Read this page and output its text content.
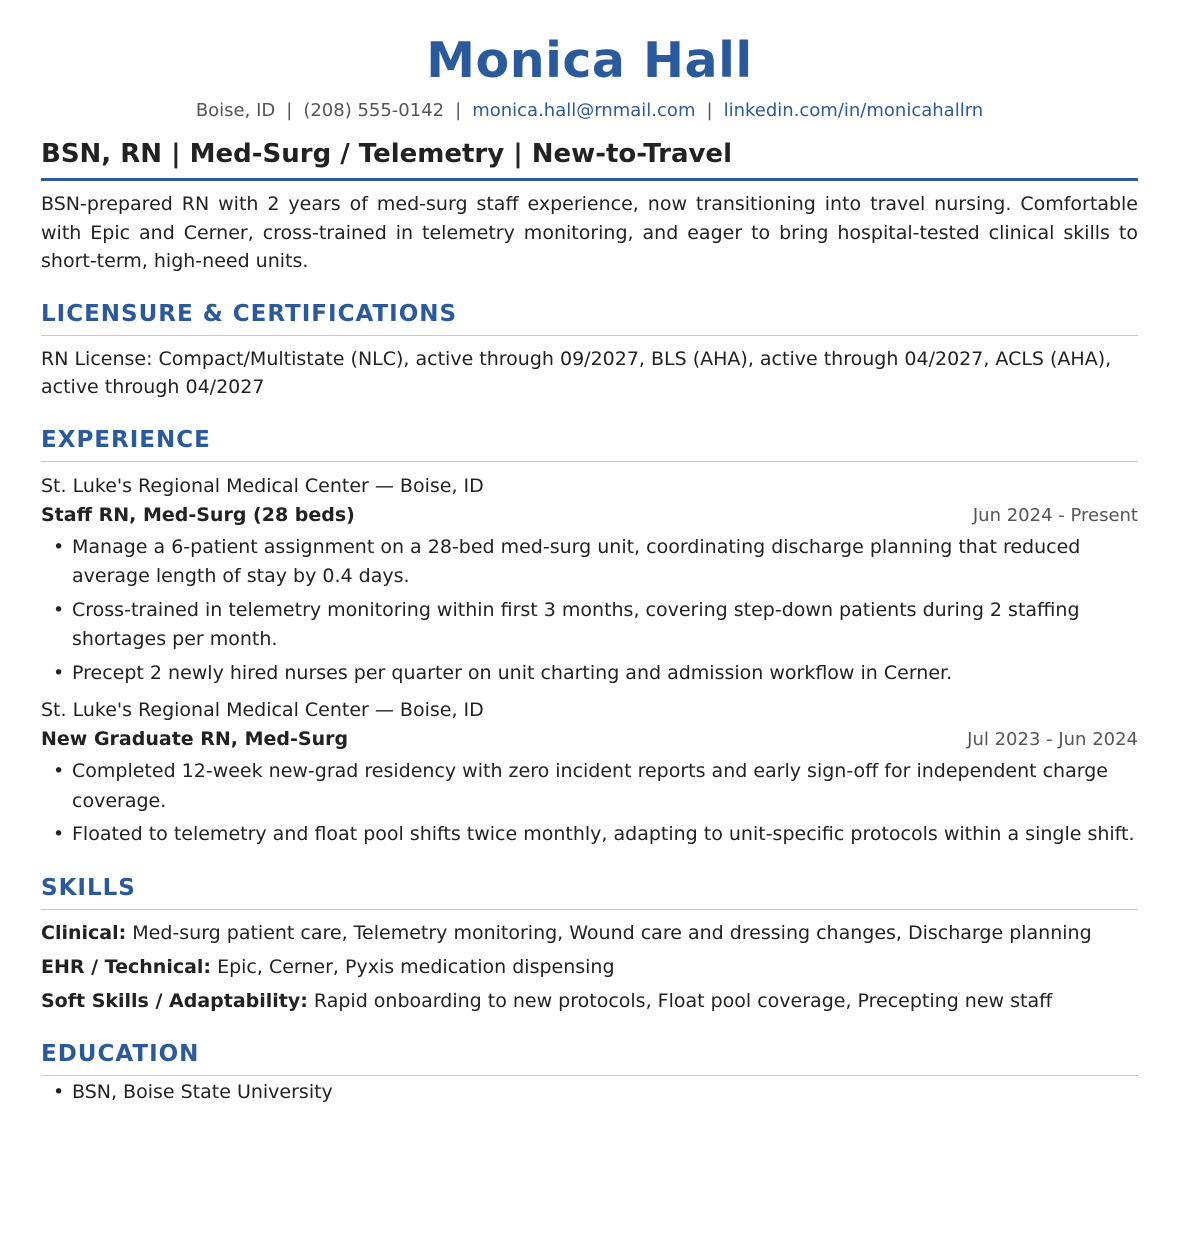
Monica Hall
Boise, ID | (208) 555-0142 | monica.hall@rnmail.com | linkedin.com/in/monicahallrn
BSN, RN | Med-Surg / Telemetry | New-to-Travel
BSN-prepared RN with 2 years of med-surg staff experience, now transitioning into travel nursing. Comfortable with Epic and Cerner, cross-trained in telemetry monitoring, and eager to bring hospital-tested clinical skills to short-term, high-need units.
LICENSURE & CERTIFICATIONS
RN License: Compact/Multistate (NLC), active through 09/2027, BLS (AHA), active through 04/2027, ACLS (AHA), active through 04/2027
EXPERIENCE
St. Luke's Regional Medical Center — Boise, ID
Staff RN, Med-Surg (28 beds)	Jun 2024 - Present
• Manage a 6-patient assignment on a 28-bed med-surg unit, coordinating discharge planning that reduced average length of stay by 0.4 days.
• Cross-trained in telemetry monitoring within first 3 months, covering step-down patients during 2 staffing shortages per month.
• Precept 2 newly hired nurses per quarter on unit charting and admission workflow in Cerner.
St. Luke's Regional Medical Center — Boise, ID
New Graduate RN, Med-Surg	Jul 2023 - Jun 2024
• Completed 12-week new-grad residency with zero incident reports and early sign-off for independent charge coverage.
• Floated to telemetry and float pool shifts twice monthly, adapting to unit-specific protocols within a single shift.
SKILLS
Clinical: Med-surg patient care, Telemetry monitoring, Wound care and dressing changes, Discharge planning
EHR / Technical: Epic, Cerner, Pyxis medication dispensing
Soft Skills / Adaptability: Rapid onboarding to new protocols, Float pool coverage, Precepting new staff
EDUCATION
• BSN, Boise State University
